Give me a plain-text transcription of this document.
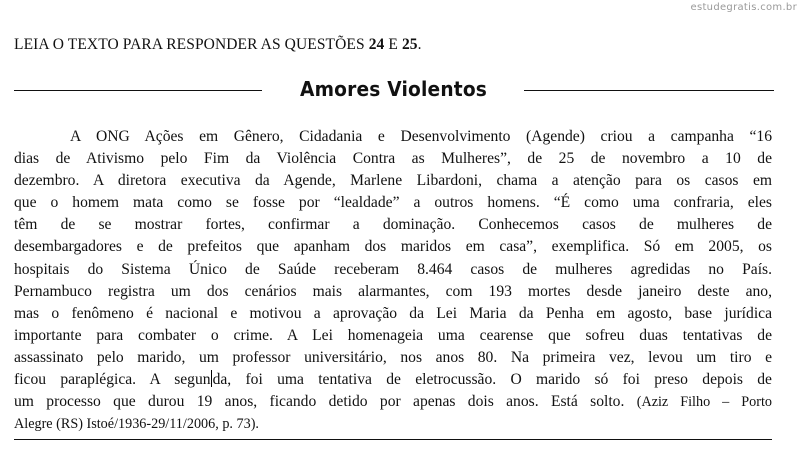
estudegratis.com.br
LEIA O TEXTO PARA RESPONDER AS QUESTÕES 24 E 25.
Amores Violentos
A ONG Ações em Gênero, Cidadania e Desenvolvimento (Agende) criou a campanha “16
dias de Ativismo pelo Fim da Violência Contra as Mulheres”, de 25 de novembro a 10 de
dezembro. A diretora executiva da Agende, Marlene Libardoni, chama a atenção para os casos em
que o homem mata como se fosse por “lealdade” a outros homens. “É como uma confraria, eles
têm de se mostrar fortes, confirmar a dominação. Conhecemos casos de mulheres de
desembargadores e de prefeitos que apanham dos maridos em casa”, exemplifica. Só em 2005, os
hospitais do Sistema Único de Saúde receberam 8.464 casos de mulheres agredidas no País.
Pernambuco registra um dos cenários mais alarmantes, com 193 mortes desde janeiro deste ano,
mas o fenômeno é nacional e motivou a aprovação da Lei Maria da Penha em agosto, base jurídica
importante para combater o crime. A Lei homenageia uma cearense que sofreu duas tentativas de
assassinato pelo marido, um professor universitário, nos anos 80. Na primeira vez, levou um tiro e
ficou paraplégica. A segun da, foi uma tentativa de eletrocussão. O marido só foi preso depois de
um processo que durou 19 anos, ficando detido por apenas dois anos. Está solto. (Aziz Filho – Porto
Alegre (RS) Istoé/1936-29/11/2006, p. 73).
